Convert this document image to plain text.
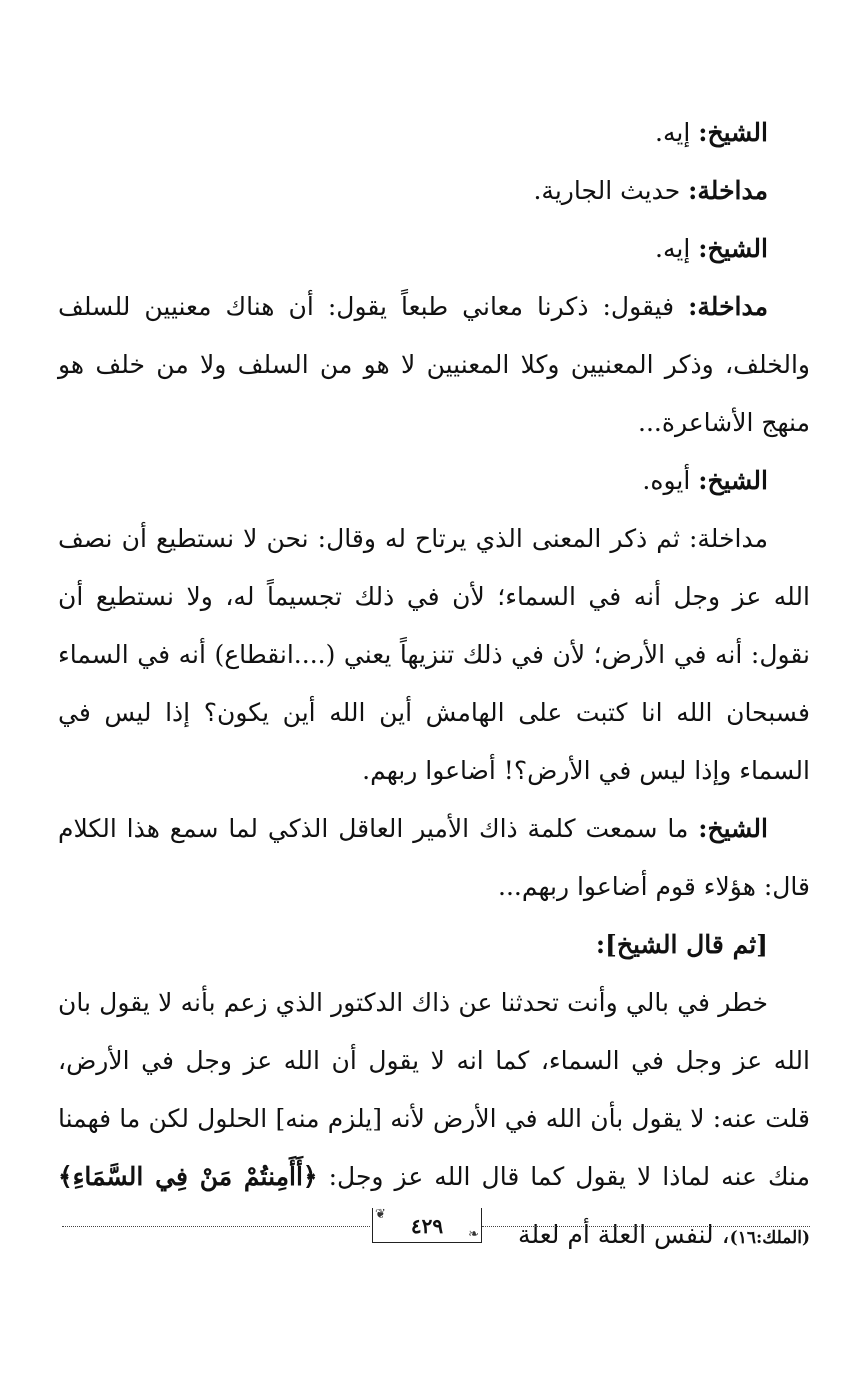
الشيخ: إيه.

مداخلة: حديث الجارية.

الشيخ: إيه.

مداخلة: فيقول: ذكرنا معاني طبعاً يقول: أن هناك معنيين للسلف والخلف، وذكر المعنيين وكلا المعنيين لا هو من السلف ولا من خلف هو منهج الأشاعرة...

الشيخ: أيوه.

مداخلة: ثم ذكر المعنى الذي يرتاح له وقال: نحن لا نستطيع أن نصف الله عز وجل أنه في السماء؛ لأن في ذلك تجسيماً له، ولا نستطيع أن نقول: أنه في الأرض؛ لأن في ذلك تنزيهاً يعني (....انقطاع) أنه في السماء فسبحان الله انا كتبت على الهامش أين الله أين يكون؟ إذا ليس في السماء وإذا ليس في الأرض؟! أضاعوا ربهم.

الشيخ: ما سمعت كلمة ذاك الأمير العاقل الذكي لما سمع هذا الكلام قال: هؤلاء قوم أضاعوا ربهم...

[ثم قال الشيخ]:

خطر في بالي وأنت تحدثنا عن ذاك الدكتور الذي زعم بأنه لا يقول بان الله عز وجل في السماء، كما انه لا يقول أن الله عز وجل في الأرض، قلت عنه: لا يقول بأن الله في الأرض لأنه [يلزم منه] الحلول لكن ما فهمنا منك عنه لماذا لا يقول كما قال الله عز وجل: ﴿أَأَمِنتُمْ مَنْ فِي السَّمَاءِ﴾(الملك:١٦)، لنفس العلة أم لعلة

❦	٤٢٩	❧
